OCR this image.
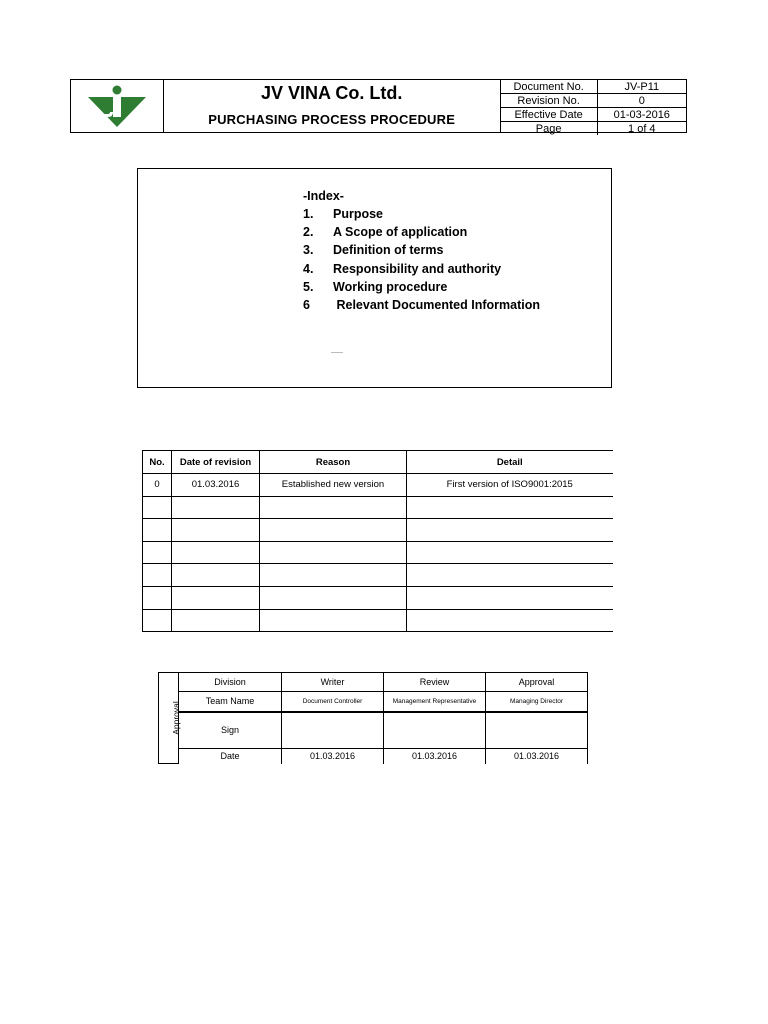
JV VINA Co. Ltd.
PURCHASING PROCESS PROCEDURE
Document No.	JV-P11
Revision No.	0
Effective Date	01-03-2016
Page	1 of 4
-Index-
1. Purpose
2. A Scope of application
3. Definition of terms
4. Responsibility and authority
5. Working procedure
6 Relevant Documented Information
No.	Date of revision	Reason	Detail
0	01.03.2016	Established new version	First version of ISO9001:2015

Approval	Division	Writer	Review	Approval
	Team Name	Document Controller	Management Representative	Managing Director
	Sign			
	Date	01.03.2016	01.03.2016	01.03.2016
